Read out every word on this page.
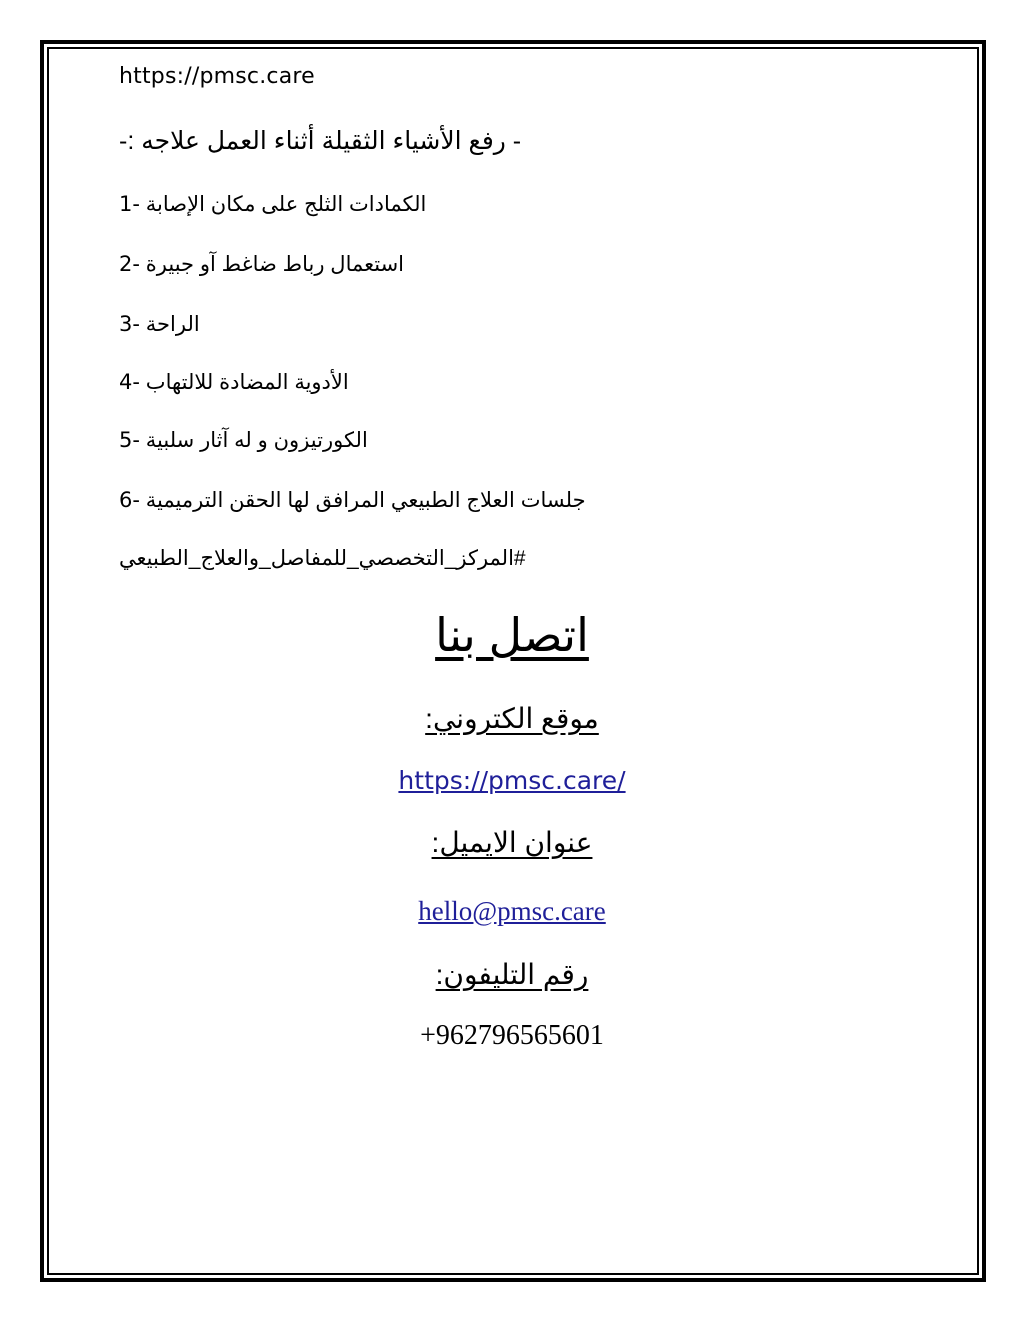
https://pmsc.care
- رفع الأشياء الثقيلة أثناء العمل علاجه :-
1- الكمادات الثلج على مكان الإصابة
2- استعمال رباط ضاغط آو جبيرة
3- الراحة
4- الأدوية المضادة للالتهاب
5- الكورتيزون و له آثار سلبية
6- جلسات العلاج الطبيعي المرافق لها الحقن الترميمية
#المركز_التخصصي_للمفاصل_والعلاج_الطبيعي
اتصل بنا
موقع الكتروني:
https://pmsc.care/
عنوان الايميل:
hello@pmsc.care
رقم التليفون:
+962796565601
